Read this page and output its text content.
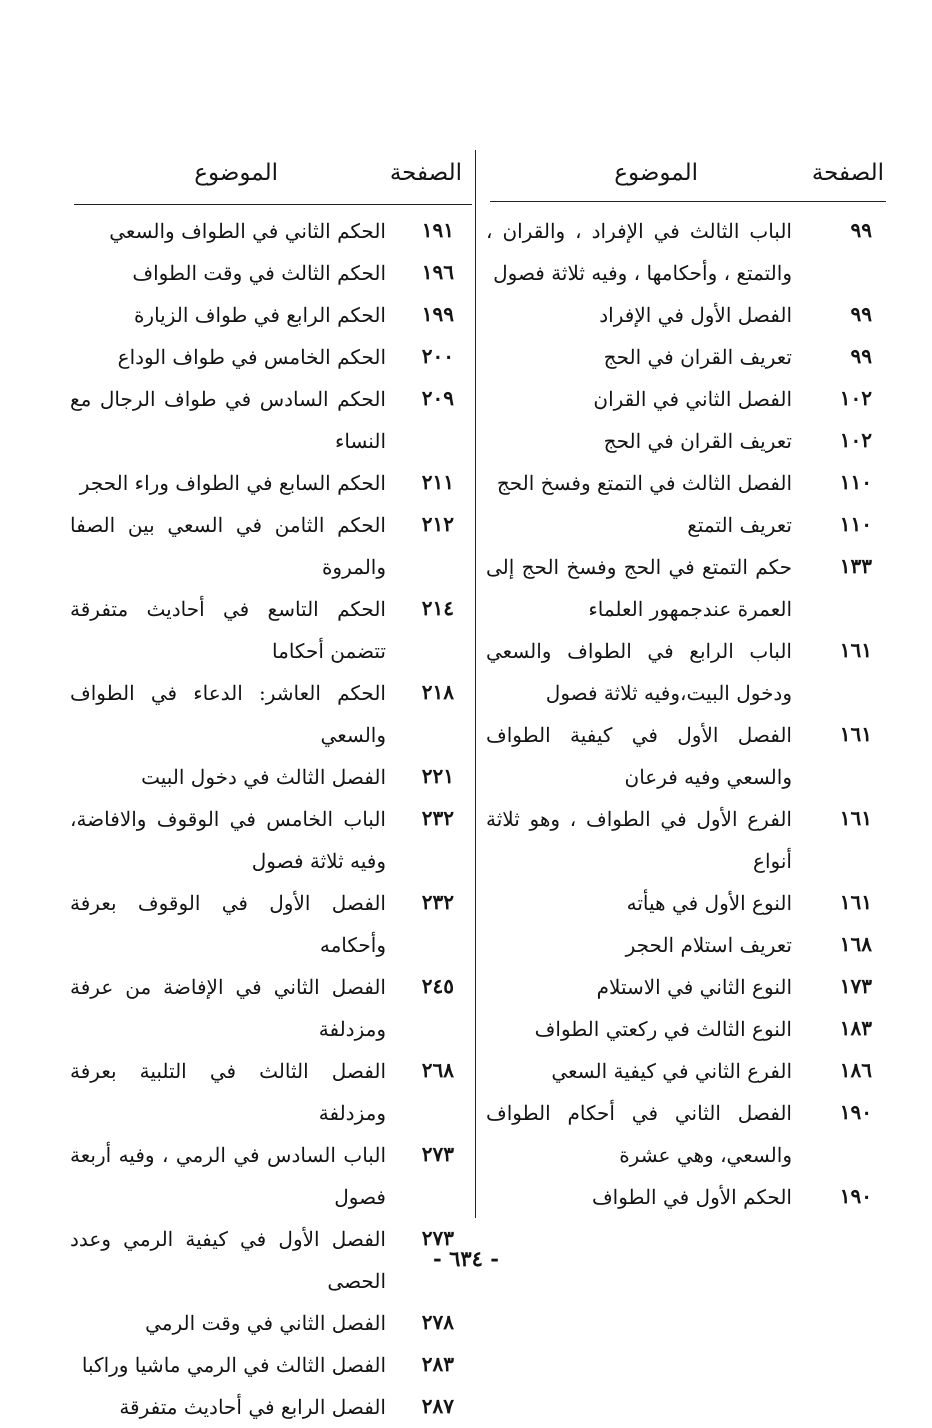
الصفحة
الموضوع
الصفحة
الموضوع
٩٩
الباب الثالث في الإفراد ، والقران ، والتمتع ، وأحكامها ، وفيه ثلاثة فصول
٩٩
الفصل الأول في الإفراد
٩٩
تعريف القران في الحج
١٠٢
الفصل الثاني في القران
١٠٢
تعريف القران في الحج
١١٠
الفصل الثالث في التمتع وفسخ الحج
١١٠
تعريف التمتع
١٣٣
حكم التمتع في الحج وفسخ الحج إلى العمرة عندجمهور العلماء
١٦١
الباب الرابع في الطواف والسعي ودخول البيت،وفيه ثلاثة فصول
١٦١
الفصل الأول في كيفية الطواف والسعي وفيه فرعان
١٦١
الفرع الأول في الطواف ، وهو ثلاثة أنواع
١٦١
النوع الأول في هيأته
١٦٨
تعريف استلام الحجر
١٧٣
النوع الثاني في الاستلام
١٨٣
النوع الثالث في ركعتي الطواف
١٨٦
الفرع الثاني في كيفية السعي
١٩٠
الفصل الثاني في أحكام الطواف والسعي، وهي عشرة
١٩٠
الحكم الأول في الطواف
١٩١
الحكم الثاني في الطواف والسعي
١٩٦
الحكم الثالث في وقت الطواف
١٩٩
الحكم الرابع في طواف الزيارة
٢٠٠
الحكم الخامس في طواف الوداع
٢٠٩
الحكم السادس في طواف الرجال مع النساء
٢١١
الحكم السابع في الطواف وراء الحجر
٢١٢
الحكم الثامن في السعي بين الصفا والمروة
٢١٤
الحكم التاسع في أحاديث متفرقة تتضمن أحكاما
٢١٨
الحكم العاشر: الدعاء في الطواف والسعي
٢٢١
الفصل الثالث في دخول البيت
٢٣٢
الباب الخامس في الوقوف والافاضة، وفيه ثلاثة فصول
٢٣٢
الفصل الأول في الوقوف بعرفة وأحكامه
٢٤٥
الفصل الثاني في الإفاضة من عرفة ومزدلفة
٢٦٨
الفصل الثالث في التلبية بعرفة ومزدلفة
٢٧٣
الباب السادس في الرمي ، وفيه أربعة فصول
٢٧٣
الفصل الأول في كيفية الرمي وعدد الحصى
٢٧٨
الفصل الثاني في وقت الرمي
٢٨٣
الفصل الثالث في الرمي ماشيا وراكبا
٢٨٧
الفصل الرابع في أحاديث متفرقة
- ٦٣٤ -
